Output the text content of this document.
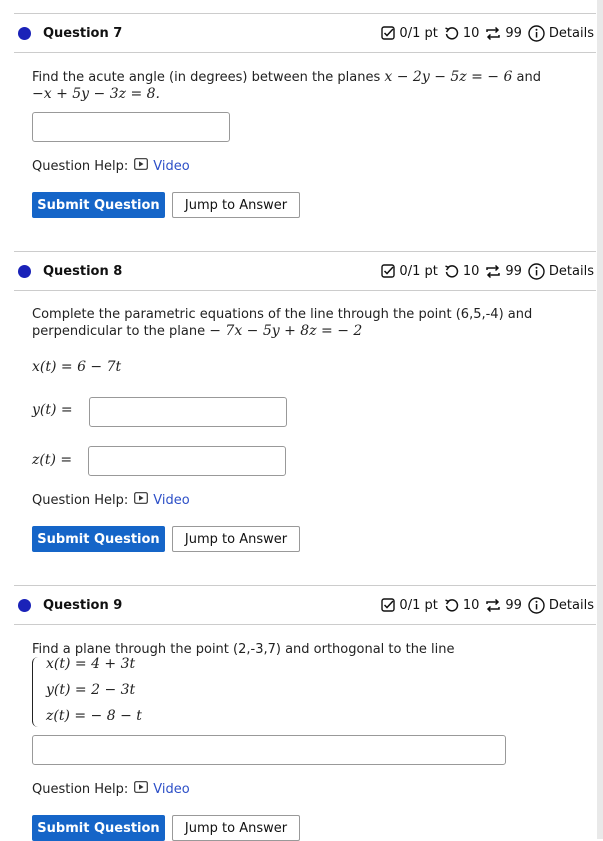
Question 7	0/1 pt 10 99 Details
Find the acute angle (in degrees) between the planes x − 2y − 5z = − 6 and
−x + 5y − 3z = 8.
Question Help: Video
Submit Question	Jump to Answer
Question 8	0/1 pt 10 99 Details
Complete the parametric equations of the line through the point (6,5,-4) and
perpendicular to the plane − 7x − 5y + 8z = − 2
x(t) = 6 − 7t
y(t) =
z(t) =
Question Help: Video
Submit Question	Jump to Answer
Question 9	0/1 pt 10 99 Details
Find a plane through the point (2,-3,7) and orthogonal to the line
x(t) = 4 + 3t
y(t) = 2 − 3t
z(t) = − 8 − t
Question Help: Video
Submit Question	Jump to Answer
